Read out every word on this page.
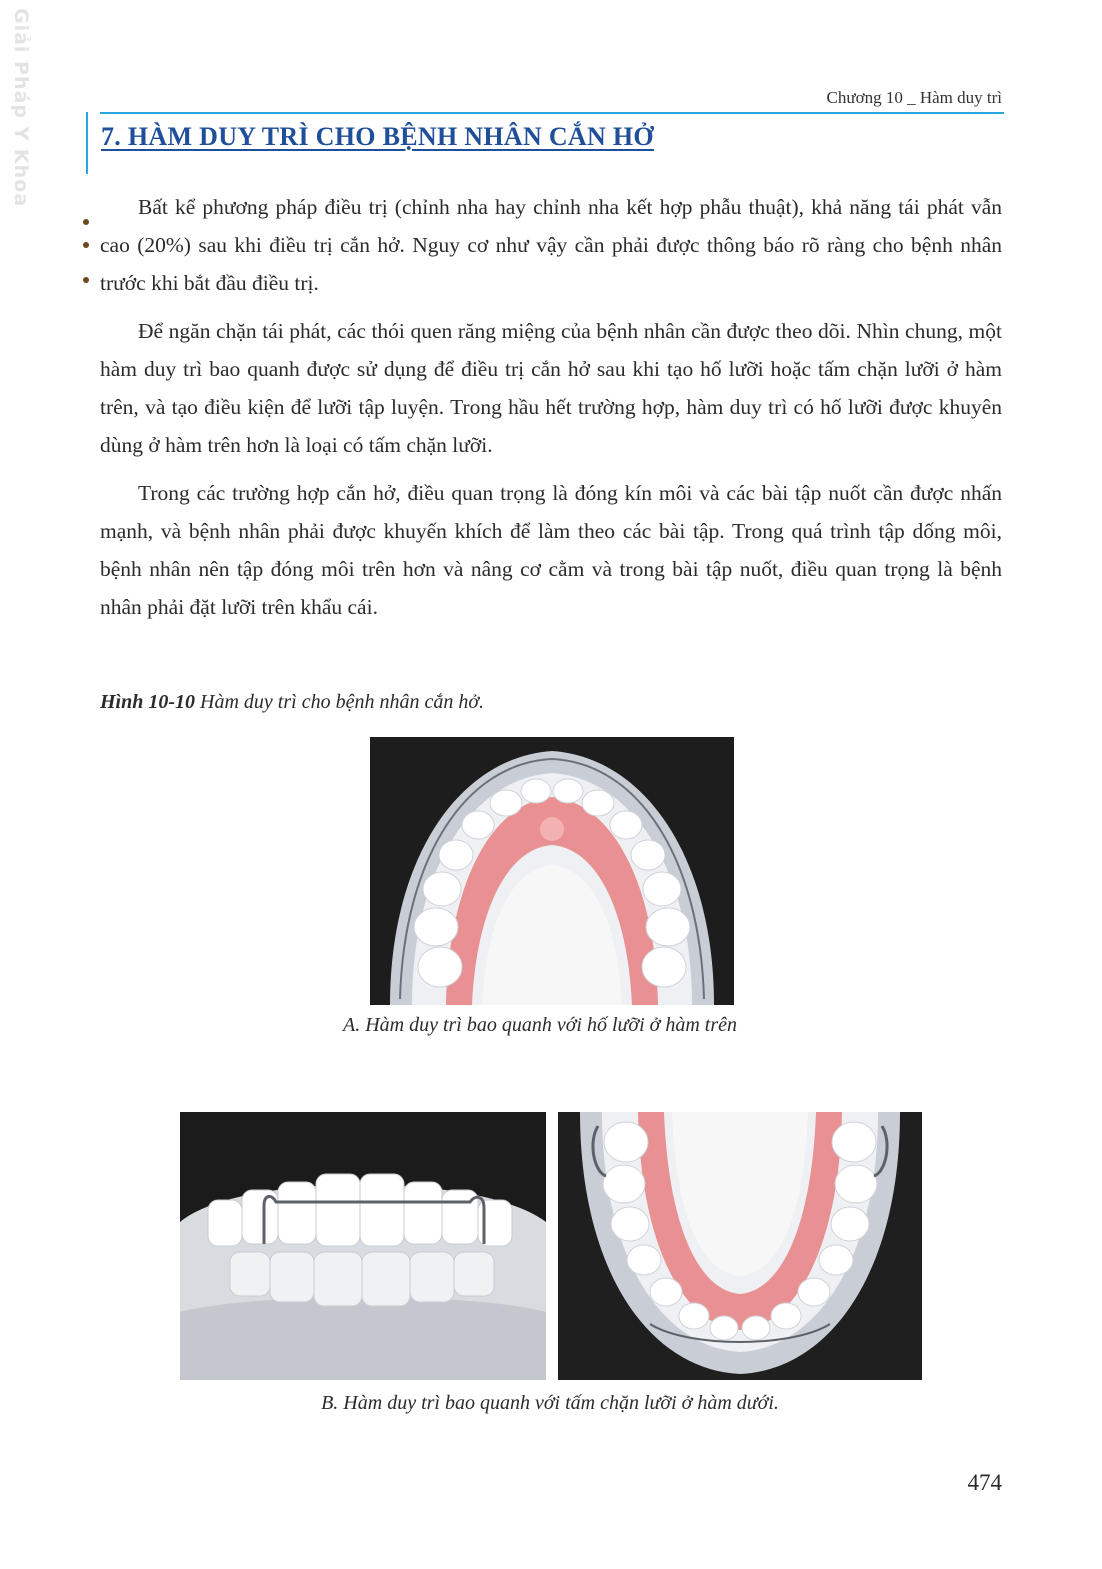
Giải Pháp Y Khoa	Chương 10 _ Hàm duy trì
7. HÀM DUY TRÌ CHO BỆNH NHÂN CẮN HỞ

Bất kể phương pháp điều trị (chỉnh nha hay chỉnh nha kết hợp phẫu thuật), khả năng tái phát vẫn cao (20%) sau khi điều trị cắn hở. Nguy cơ như vậy cần phải được thông báo rõ ràng cho bệnh nhân trước khi bắt đầu điều trị.

Để ngăn chặn tái phát, các thói quen răng miệng của bệnh nhân cần được theo dõi. Nhìn chung, một hàm duy trì bao quanh được sử dụng để điều trị cắn hở sau khi tạo hố lưỡi hoặc tấm chặn lưỡi ở hàm trên, và tạo điều kiện để lưỡi tập luyện. Trong hầu hết trường hợp, hàm duy trì có hố lưỡi được khuyên dùng ở hàm trên hơn là loại có tấm chặn lưỡi.

Trong các trường hợp cắn hở, điều quan trọng là đóng kín môi và các bài tập nuốt cần được nhấn mạnh, và bệnh nhân phải được khuyến khích để làm theo các bài tập. Trong quá trình tập dống môi, bệnh nhân nên tập đóng môi trên hơn và nâng cơ cằm và trong bài tập nuốt, điều quan trọng là bệnh nhân phải đặt lưỡi trên khẩu cái.

Hình 10-10 Hàm duy trì cho bệnh nhân cắn hở.
A. Hàm duy trì bao quanh với hố lưỡi ở hàm trên
B. Hàm duy trì bao quanh với tấm chặn lưỡi ở hàm dưới.
474
